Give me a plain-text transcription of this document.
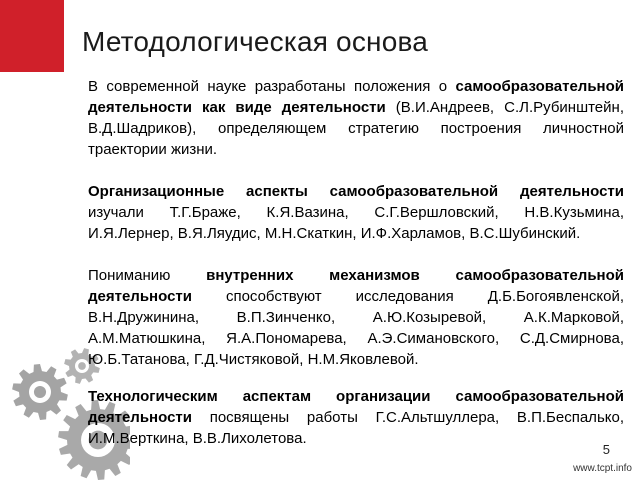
Методологическая основа

В современной науке разработаны положения о самообразовательной деятельности как виде деятельности (В.И.Андреев, С.Л.Рубинштейн, В.Д.Шадриков), определяющем стратегию построения личностной траектории жизни.

Организационные аспекты самообразовательной деятельности изучали Т.Г.Браже, К.Я.Вазина, С.Г.Вершловский, Н.В.Кузьмина, И.Я.Лернер, В.Я.Ляудис, М.Н.Скаткин, И.Ф.Харламов, В.С.Шубинский.

Пониманию внутренних механизмов самообразовательной деятельности способствуют исследования Д.Б.Богоявленской, В.Н.Дружинина, В.П.Зинченко, А.Ю.Козыревой, А.К.Марковой, А.М.Матюшкина, Я.А.Пономарева, А.Э.Симановского, С.Д.Смирнова, Ю.Б.Татанова, Г.Д.Чистяковой, Н.М.Яковлевой.

Технологическим аспектам организации самообразовательной деятельности посвящены работы Г.С.Альтшуллера, В.П.Беспалько, И.М.Верткина, В.В.Лихолетова.

5
www.tcpt.info
